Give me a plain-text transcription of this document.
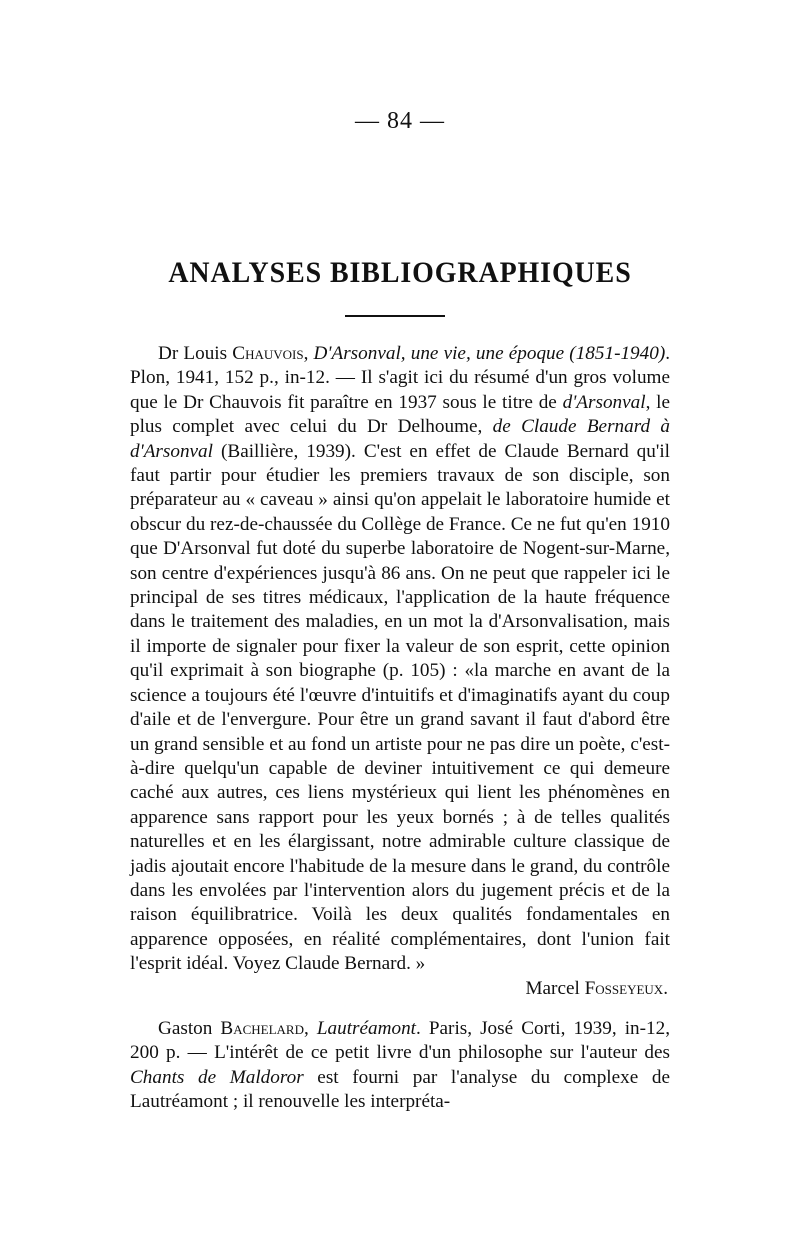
— 84 —
ANALYSES BIBLIOGRAPHIQUES

Dr Louis Chauvois, D'Arsonval, une vie, une époque (1851-1940). Plon, 1941, 152 p., in-12. — Il s'agit ici du résumé d'un gros volume que le Dr Chauvois fit paraître en 1937 sous le titre de d'Arsonval, le plus complet avec celui du Dr Delhoume, de Claude Bernard à d'Arsonval (Baillière, 1939). C'est en effet de Claude Bernard qu'il faut partir pour étudier les premiers travaux de son disciple, son préparateur au « caveau » ainsi qu'on appelait le laboratoire humide et obscur du rez-de-chaussée du Collège de France. Ce ne fut qu'en 1910 que D'Arsonval fut doté du superbe laboratoire de Nogent-sur-Marne, son centre d'expériences jusqu'à 86 ans. On ne peut que rappeler ici le principal de ses titres médicaux, l'application de la haute fréquence dans le traitement des maladies, en un mot la d'Arsonvalisation, mais il importe de signaler pour fixer la valeur de son esprit, cette opinion qu'il exprimait à son biographe (p. 105) : «la marche en avant de la science a toujours été l'œuvre d'intuitifs et d'imaginatifs ayant du coup d'aile et de l'envergure. Pour être un grand savant il faut d'abord être un grand sensible et au fond un artiste pour ne pas dire un poète, c'est-à-dire quelqu'un capable de deviner intuitivement ce qui demeure caché aux autres, ces liens mystérieux qui lient les phénomènes en apparence sans rapport pour les yeux bornés ; à de telles qualités naturelles et en les élargissant, notre admirable culture classique de jadis ajoutait encore l'habitude de la mesure dans le grand, du contrôle dans les envolées par l'intervention alors du jugement précis et de la raison équilibratrice. Voilà les deux qualités fondamentales en apparence opposées, en réalité complémentaires, dont l'union fait l'esprit idéal. Voyez Claude Bernard. »

Marcel Fosseyeux.

Gaston Bachelard, Lautréamont. Paris, José Corti, 1939, in-12, 200 p. — L'intérêt de ce petit livre d'un philosophe sur l'auteur des Chants de Maldoror est fourni par l'analyse du complexe de Lautréamont ; il renouvelle les interpréta-
